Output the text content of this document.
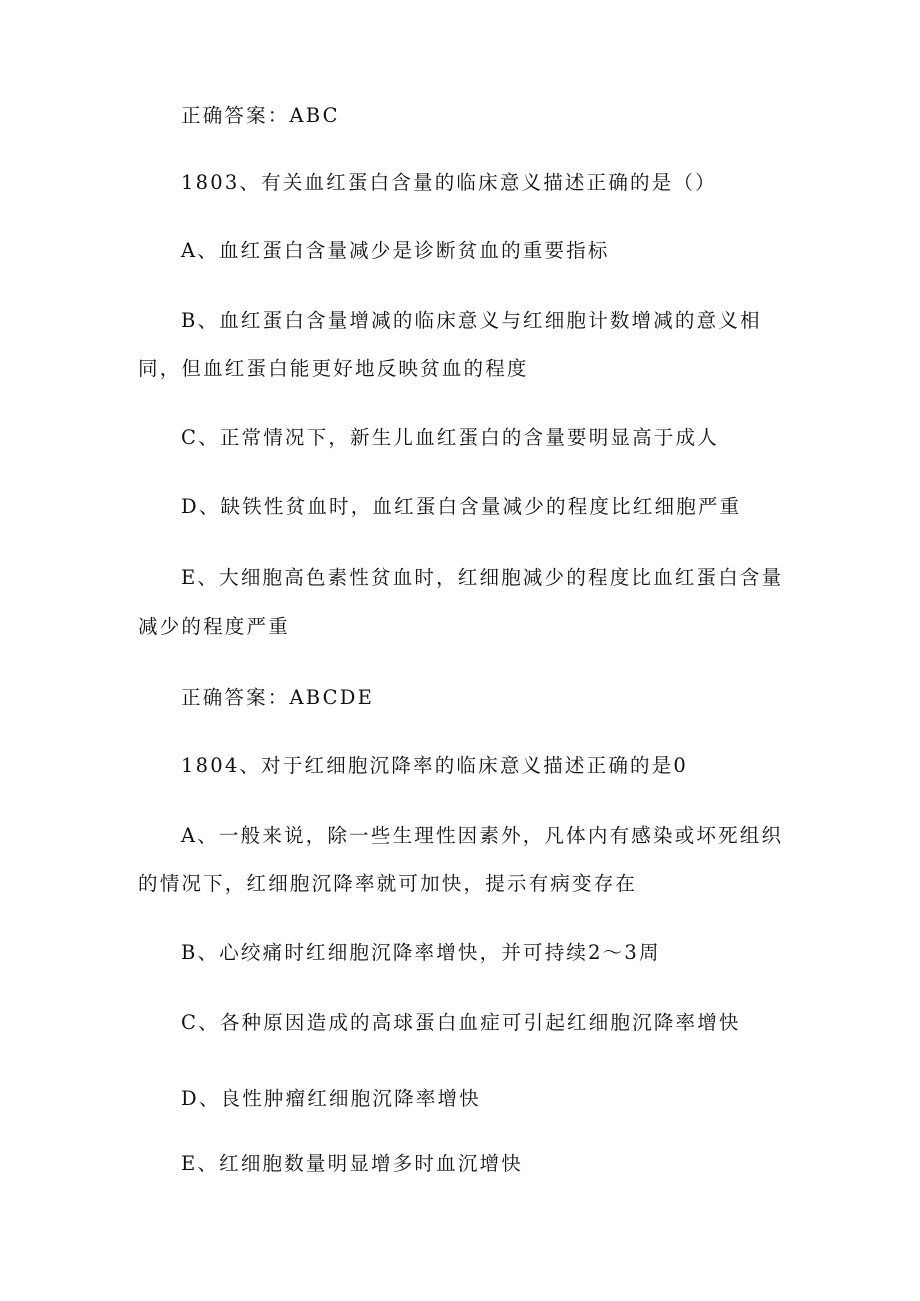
正确答案：ABC
1803、有关血红蛋白含量的临床意义描述正确的是（）
A、血红蛋白含量减少是诊断贫血的重要指标
B、血红蛋白含量增减的临床意义与红细胞计数增减的意义相
同，但血红蛋白能更好地反映贫血的程度
C、正常情况下，新生儿血红蛋白的含量要明显高于成人
D、缺铁性贫血时，血红蛋白含量减少的程度比红细胞严重
E、大细胞高色素性贫血时，红细胞减少的程度比血红蛋白含量
减少的程度严重
正确答案：ABCDE
1804、对于红细胞沉降率的临床意义描述正确的是0
A、一般来说，除一些生理性因素外，凡体内有感染或坏死组织
的情况下，红细胞沉降率就可加快，提示有病变存在
B、心绞痛时红细胞沉降率增快，并可持续2～3周
C、各种原因造成的高球蛋白血症可引起红细胞沉降率增快
D、良性肿瘤红细胞沉降率增快
E、红细胞数量明显增多时血沉增快
